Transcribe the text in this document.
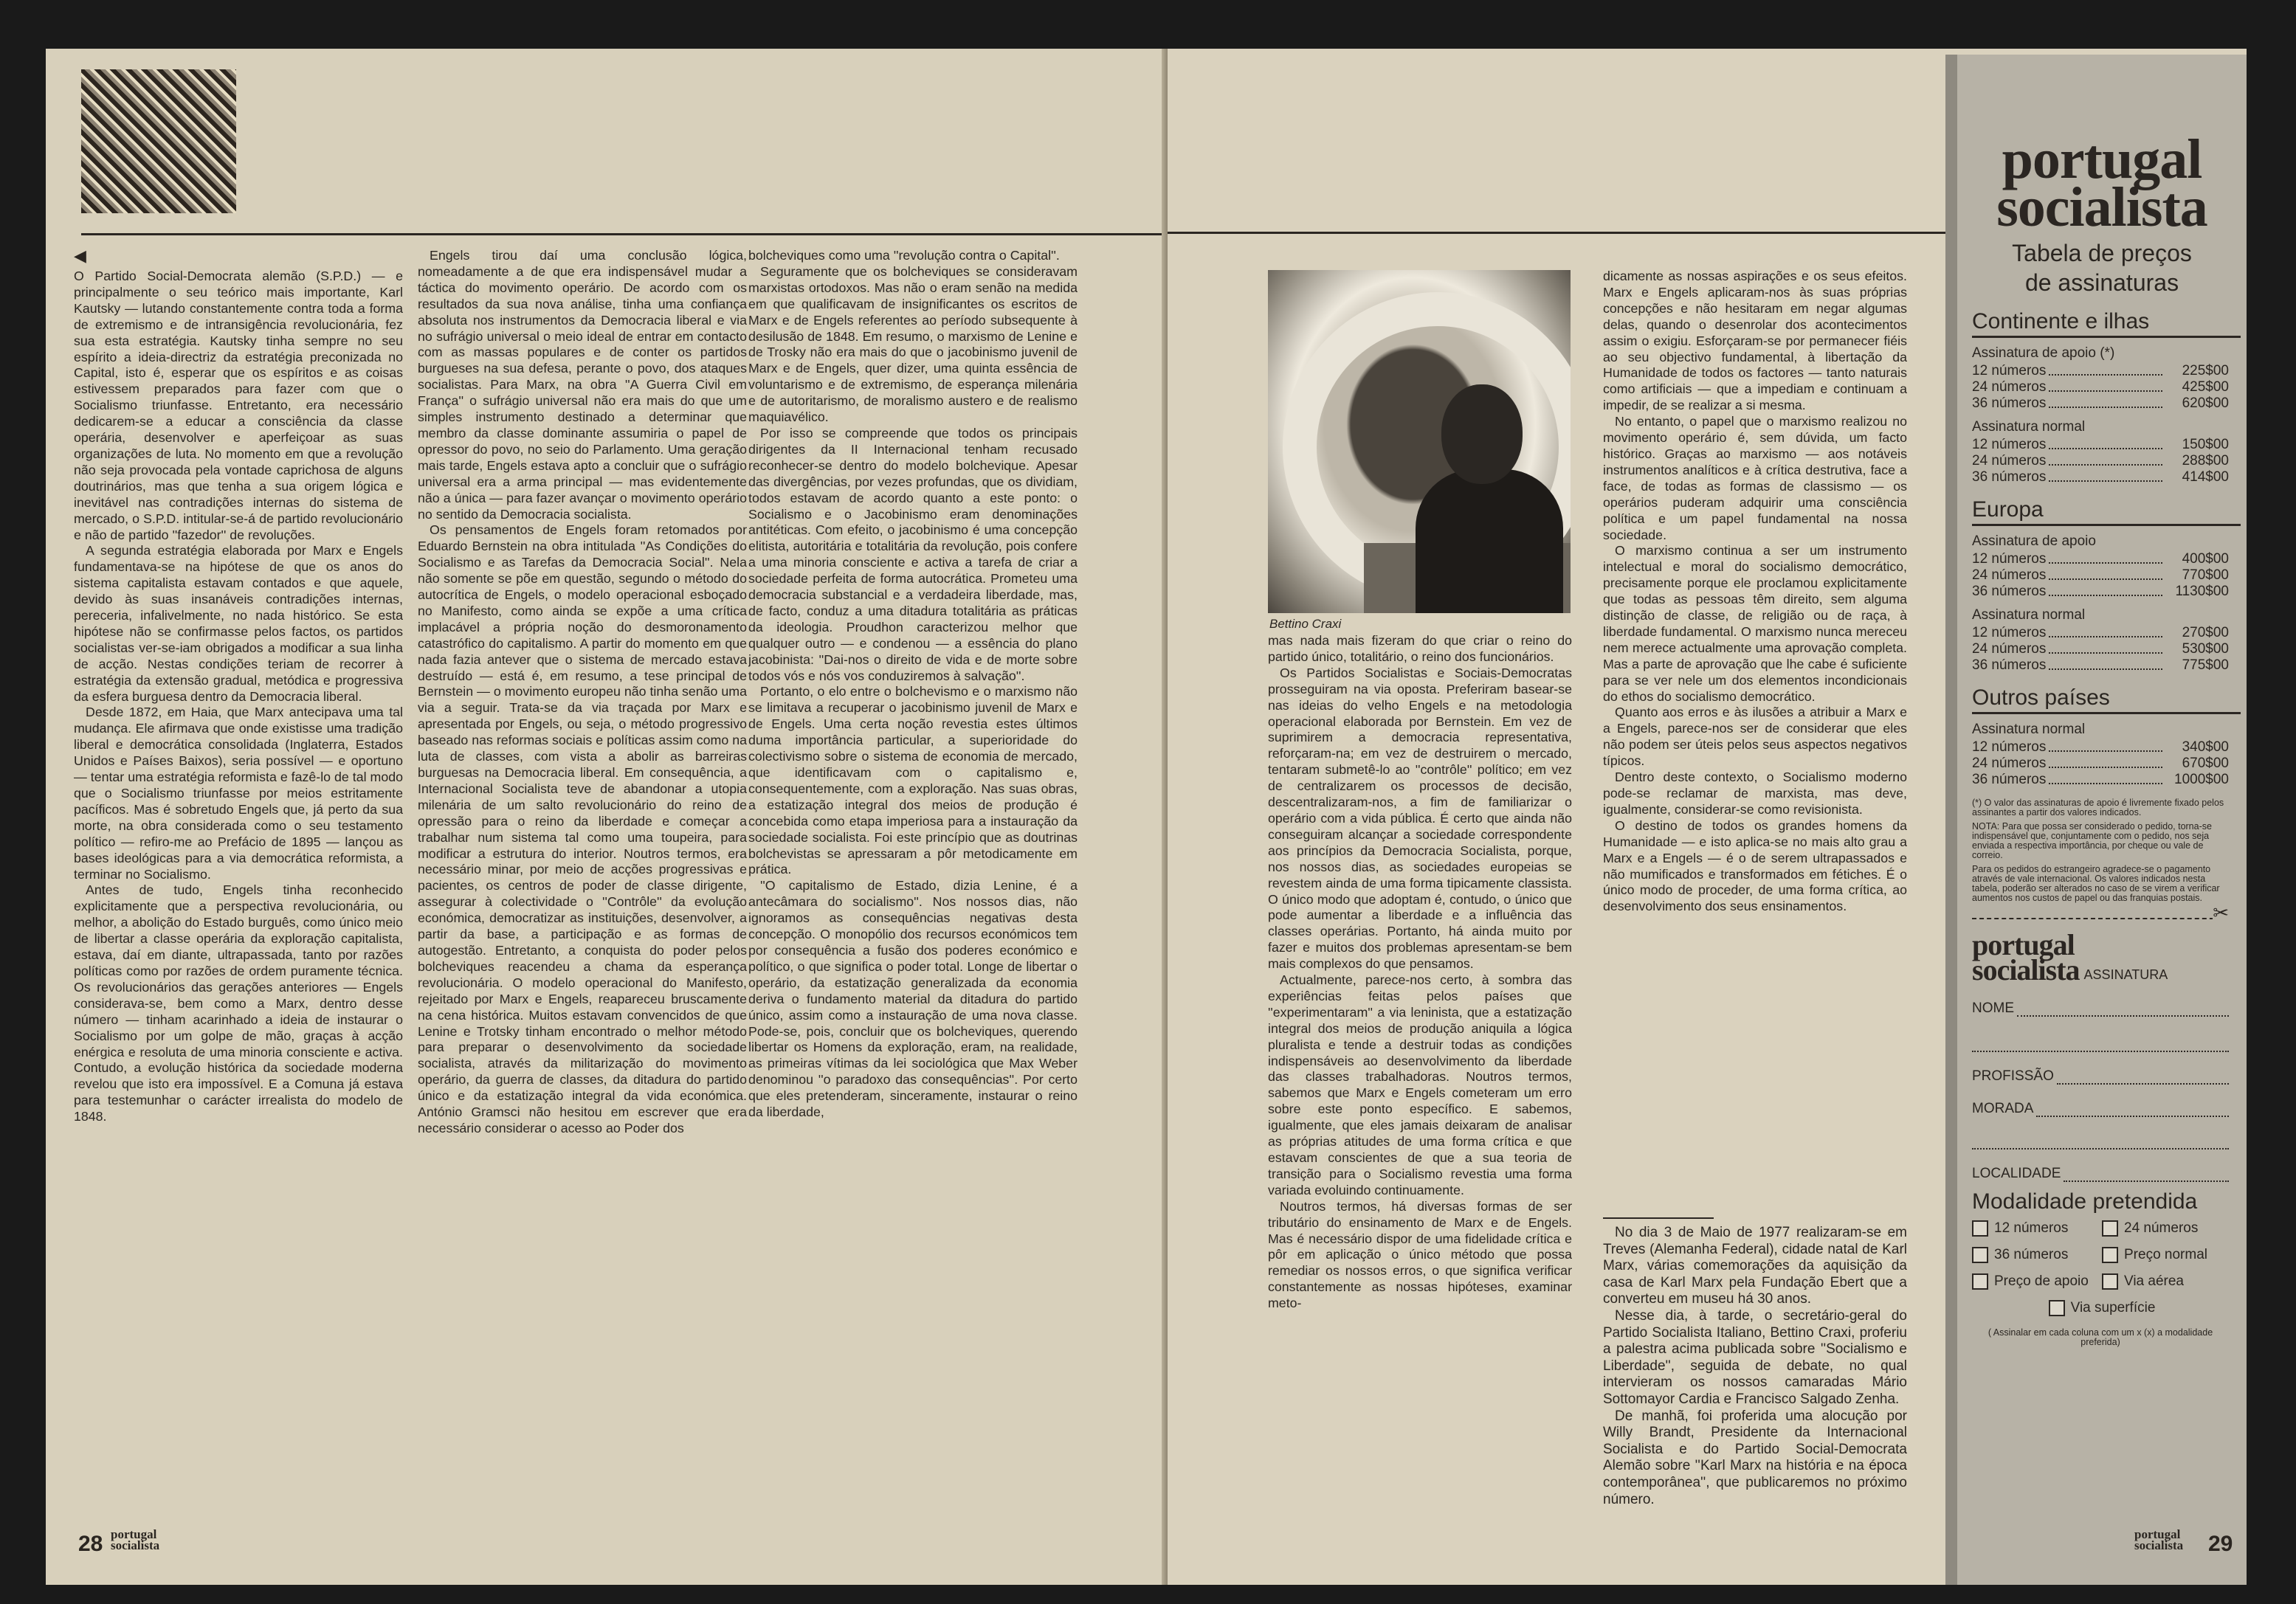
◀

O Partido Social-Democrata alemão (S.P.D.) — e principalmente o seu teórico mais importante, Karl Kautsky — lutando constantemente contra toda a forma de extremismo e de intransigência revolucionária, fez sua esta estratégia. Kautsky tinha sempre no seu espírito a ideia-directriz da estratégia preconizada no Capital, isto é, esperar que os espíritos e as coisas estivessem preparados para fazer com que o Socialismo triunfasse. Entretanto, era necessário dedicarem-se a educar a consciência da classe operária, desenvolver e aperfeiçoar as suas organizações de luta. No momento em que a revolução não seja provocada pela vontade caprichosa de alguns doutrinários, mas que tenha a sua origem lógica e inevitável nas contradições internas do sistema de mercado, o S.P.D. intitular-se-á de partido revolucionário e não de partido ''fazedor'' de revoluções.

A segunda estratégia elaborada por Marx e Engels fundamentava-se na hipótese de que os anos do sistema capitalista estavam contados e que aquele, devido às suas insanáveis contradições internas, pereceria, infalivelmente, no nada histórico. Se esta hipótese não se confirmasse pelos factos, os partidos socialistas ver-se-iam obrigados a modificar a sua linha de acção. Nestas condições teriam de recorrer à estratégia da extensão gradual, metódica e progressiva da esfera burguesa dentro da Democracia liberal.

Desde 1872, em Haia, que Marx antecipava uma tal mudança. Ele afirmava que onde existisse uma tradição liberal e democrática consolidada (Inglaterra, Estados Unidos e Países Baixos), seria possível — e oportuno — tentar uma estratégia reformista e fazê-lo de tal modo que o Socialismo triunfasse por meios estritamente pacíficos. Mas é sobretudo Engels que, já perto da sua morte, na obra considerada como o seu testamento político — refiro-me ao Prefácio de 1895 — lançou as bases ideológicas para a via democrática reformista, a terminar no Socialismo.

Antes de tudo, Engels tinha reconhecido explicitamente que a perspectiva revolucionária, ou melhor, a abolição do Estado burguês, como único meio de libertar a classe operária da exploração capitalista, estava, daí em diante, ultrapassada, tanto por razões políticas como por razões de ordem puramente técnica. Os revolucionários das gerações anteriores — Engels considerava-se, bem como a Marx, dentro desse número — tinham acarinhado a ideia de instaurar o Socialismo por um golpe de mão, graças à acção enérgica e resoluta de uma minoria consciente e activa. Contudo, a evolução histórica da sociedade moderna revelou que isto era impossível. E a Comuna já estava para testemunhar o carácter irrealista do modelo de 1848.

Engels tirou daí uma conclusão lógica, nomeadamente a de que era indispensável mudar a táctica do movimento operário. De acordo com os resultados da sua nova análise, tinha uma confiança absoluta nos instrumentos da Democracia liberal e via no sufrágio universal o meio ideal de entrar em contacto com as massas populares e de conter os partidos burgueses na sua defesa, perante o povo, dos ataques socialistas. Para Marx, na obra ''A Guerra Civil em França'' o sufrágio universal não era mais do que um simples instrumento destinado a determinar que membro da classe dominante assumiria o papel de opressor do povo, no seio do Parlamento. Uma geração mais tarde, Engels estava apto a concluir que o sufrágio universal era a arma principal — mas evidentemente não a única — para fazer avançar o movimento operário no sentido da Democracia socialista.

Os pensamentos de Engels foram retomados por Eduardo Bernstein na obra intitulada ''As Condições do Socialismo e as Tarefas da Democracia Social''. Nela não somente se põe em questão, segundo o método do autocrítica de Engels, o modelo operacional esboçado no Manifesto, como ainda se expõe a uma crítica implacável a própria noção do desmoronamento catastrófico do capitalismo. A partir do momento em que nada fazia antever que o sistema de mercado estava destruído — está é, em resumo, a tese principal de Bernstein — o movimento europeu não tinha senão uma via a seguir. Trata-se da via traçada por Marx e apresentada por Engels, ou seja, o método progressivo baseado nas reformas sociais e políticas assim como na luta de classes, com vista a abolir as barreiras burguesas na Democracia liberal. Em consequência, a Internacional Socialista teve de abandonar a utopia milenária de um salto revolucionário do reino de opressão para o reino da liberdade e começar a trabalhar num sistema tal como uma toupeira, para modificar a estrutura do interior. Noutros termos, era necessário minar, por meio de acções progressivas e pacientes, os centros de poder de classe dirigente, assegurar à colectividade o ''Contrôle'' da evolução económica, democratizar as instituições, desenvolver, a partir da base, a participação e as formas de autogestão. Entretanto, a conquista do poder pelos bolcheviques reacendeu a chama da esperança revolucionária. O modelo operacional do Manifesto, rejeitado por Marx e Engels, reapareceu bruscamente na cena histórica. Muitos estavam convencidos de que Lenine e Trotsky tinham encontrado o melhor método para preparar o desenvolvimento da sociedade socialista, através da militarização do movimento operário, da guerra de classes, da ditadura do partido único e da estatização integral da vida económica. António Gramsci não hesitou em escrever que era necessário considerar o acesso ao Poder dos

bolcheviques como uma ''revolução contra o Capital''.

Seguramente que os bolcheviques se consideravam marxistas ortodoxos. Mas não o eram senão na medida em que qualificavam de insignificantes os escritos de Marx e de Engels referentes ao período subsequente à desilusão de 1848. Em resumo, o marxismo de Lenine e de Trosky não era mais do que o jacobinismo juvenil de Marx e de Engels, quer dizer, uma quinta essência de voluntarismo e de extremismo, de esperança milenária e de autoritarismo, de moralismo austero e de realismo maquiavélico.

Por isso se compreende que todos os principais dirigentes da II Internacional tenham recusado reconhecer-se dentro do modelo bolchevique. Apesar das divergências, por vezes profundas, que os dividiam, todos estavam de acordo quanto a este ponto: o Socialismo e o Jacobinismo eram denominações antitéticas. Com efeito, o jacobinismo é uma concepção elitista, autoritária e totalitária da revolução, pois confere a uma minoria consciente e activa a tarefa de criar a sociedade perfeita de forma autocrática. Prometeu uma democracia substancial e a verdadeira liberdade, mas, de facto, conduz a uma ditadura totalitária as práticas da ideologia. Proudhon caracterizou melhor que qualquer outro — e condenou — a essência do plano jacobinista: ''Dai-nos o direito de vida e de morte sobre todos vós e nós vos conduziremos à salvação''.

Portanto, o elo entre o bolchevismo e o marxismo não se limitava a recuperar o jacobinismo juvenil de Marx e de Engels. Uma certa noção revestia estes últimos duma importância particular, a superioridade do colectivismo sobre o sistema de economia de mercado, que identificavam com o capitalismo e, consequentemente, com a exploração. Nas suas obras, a estatização integral dos meios de produção é concebida como etapa imperiosa para a instauração da sociedade socialista. Foi este princípio que as doutrinas bolchevistas se apressaram a pôr metodicamente em prática.

''O capitalismo de Estado, dizia Lenine, é a antecâmara do socialismo''. Nos nossos dias, não ignoramos as consequências negativas desta concepção. O monopólio dos recursos económicos tem por consequência a fusão dos poderes económico e político, o que significa o poder total. Longe de libertar o operário, da estatização generalizada da economia deriva o fundamento material da ditadura do partido único, assim como a instauração de uma nova classe. Pode-se, pois, concluir que os bolcheviques, querendo libertar os Homens da exploração, eram, na realidade, as primeiras vítimas da lei sociológica que Max Weber denominou ''o paradoxo das consequências''. Por certo que eles pretenderam, sinceramente, instaurar o reino da liberdade,

28 portugal
socialista
Bettino Craxi

mas nada mais fizeram do que criar o reino do partido único, totalitário, o reino dos funcionários.

Os Partidos Socialistas e Sociais-Democratas prosseguiram na via oposta. Preferiram basear-se nas ideias do velho Engels e na metodologia operacional elaborada por Bernstein. Em vez de suprimirem a democracia representativa, reforçaram-na; em vez de destruirem o mercado, tentaram submetê-lo ao ''contrôle'' político; em vez de centralizarem os processos de decisão, descentralizaram-nos, a fim de familiarizar o operário com a vida pública. É certo que ainda não conseguiram alcançar a sociedade correspondente aos princípios da Democracia Socialista, porque, nos nossos dias, as sociedades europeias se revestem ainda de uma forma tipicamente classista. O único modo que adoptam é, contudo, o único que pode aumentar a liberdade e a influência das classes operárias. Portanto, há ainda muito por fazer e muitos dos problemas apresentam-se bem mais complexos do que pensamos.

Actualmente, parece-nos certo, à sombra das experiências feitas pelos países que ''experimentaram'' a via leninista, que a estatização integral dos meios de produção aniquila a lógica pluralista e tende a destruir todas as condições indispensáveis ao desenvolvimento da liberdade das classes trabalhadoras. Noutros termos, sabemos que Marx e Engels cometeram um erro sobre este ponto específico. E sabemos, igualmente, que eles jamais deixaram de analisar as próprias atitudes de uma forma crítica e que estavam conscientes de que a sua teoria de transição para o Socialismo revestia uma forma variada evoluindo continuamente.

Noutros termos, há diversas formas de ser tributário do ensinamento de Marx e de Engels. Mas é necessário dispor de uma fidelidade crítica e pôr em aplicação o único método que possa remediar os nossos erros, o que significa verificar constantemente as nossas hipóteses, examinar meto-

dicamente as nossas aspirações e os seus efeitos. Marx e Engels aplicaram-nos às suas próprias concepções e não hesitaram em negar algumas delas, quando o desenrolar dos acontecimentos assim o exigiu. Esforçaram-se por permanecer fiéis ao seu objectivo fundamental, à libertação da Humanidade de todos os factores — tanto naturais como artificiais — que a impediam e continuam a impedir, de se realizar a si mesma.

No entanto, o papel que o marxismo realizou no movimento operário é, sem dúvida, um facto histórico. Graças ao marxismo — aos notáveis instrumentos analíticos e à crítica destrutiva, face a face, de todas as formas de classismo — os operários puderam adquirir uma consciência política e um papel fundamental na nossa sociedade.

O marxismo continua a ser um instrumento intelectual e moral do socialismo democrático, precisamente porque ele proclamou explicitamente que todas as pessoas têm direito, sem alguma distinção de classe, de religião ou de raça, à liberdade fundamental. O marxismo nunca mereceu nem merece actualmente uma aprovação completa. Mas a parte de aprovação que lhe cabe é suficiente para se ver nele um dos elementos incondicionais do ethos do socialismo democrático.

Quanto aos erros e às ilusões a atribuir a Marx e a Engels, parece-nos ser de considerar que eles não podem ser úteis pelos seus aspectos negativos típicos.

Dentro deste contexto, o Socialismo moderno pode-se reclamar de marxista, mas deve, igualmente, considerar-se como revisionista.

O destino de todos os grandes homens da Humanidade — e isto aplica-se no mais alto grau a Marx e a Engels — é o de serem ultrapassados e não mumificados e transformados em fétiches. É o único modo de proceder, de uma forma crítica, ao desenvolvimento dos seus ensinamentos.

No dia 3 de Maio de 1977 realizaram-se em Treves (Alemanha Federal), cidade natal de Karl Marx, várias comemorações da aquisição da casa de Karl Marx pela Fundação Ebert que a converteu em museu há 30 anos.

Nesse dia, à tarde, o secretário-geral do Partido Socialista Italiano, Bettino Craxi, proferiu a palestra acima publicada sobre ''Socialismo e Liberdade'', seguida de debate, no qual intervieram os nossos camaradas Mário Sottomayor Cardia e Francisco Salgado Zenha.

De manhã, foi proferida uma alocução por Willy Brandt, Presidente da Internacional Socialista e do Partido Social-Democrata Alemão sobre ''Karl Marx na história e na época contemporânea'', que publicaremos no próximo número.

portugal
socialista
Tabela de preços
de assinaturas
Continente e ilhas
Assinatura de apoio (*)
12 números	225$00
24 números	425$00
36 números	620$00
Assinatura normal
12 números	150$00
24 números	288$00
36 números	414$00
Europa
Assinatura de apoio
12 números	400$00
24 números	770$00
36 números	1130$00
Assinatura normal
12 números	270$00
24 números	530$00
36 números	775$00
Outros países
Assinatura normal
12 números	340$00
24 números	670$00
36 números	1000$00
(*) O valor das assinaturas de apoio é livremente fixado pelos assinantes a partir dos valores indicados.
NOTA: Para que possa ser considerado o pedido, torna-se indispensável que, conjuntamente com o pedido, nos seja enviada a respectiva importância, por cheque ou vale de correio.
Para os pedidos do estrangeiro agradece-se o pagamento através de vale internacional. Os valores indicados nesta tabela, poderão ser alterados no caso de se virem a verificar aumentos nos custos de papel ou das franquias postais.
✂
portugal
socialista ASSINATURA
NOME
PROFISSÃO
MORADA
LOCALIDADE
Modalidade pretendida
12 números	24 números
36 números	Preço normal
Preço de apoio	Via aérea
Via superfície
( Assinalar em cada coluna com um x (x) a modalidade preferida)
portugal
socialista 29
